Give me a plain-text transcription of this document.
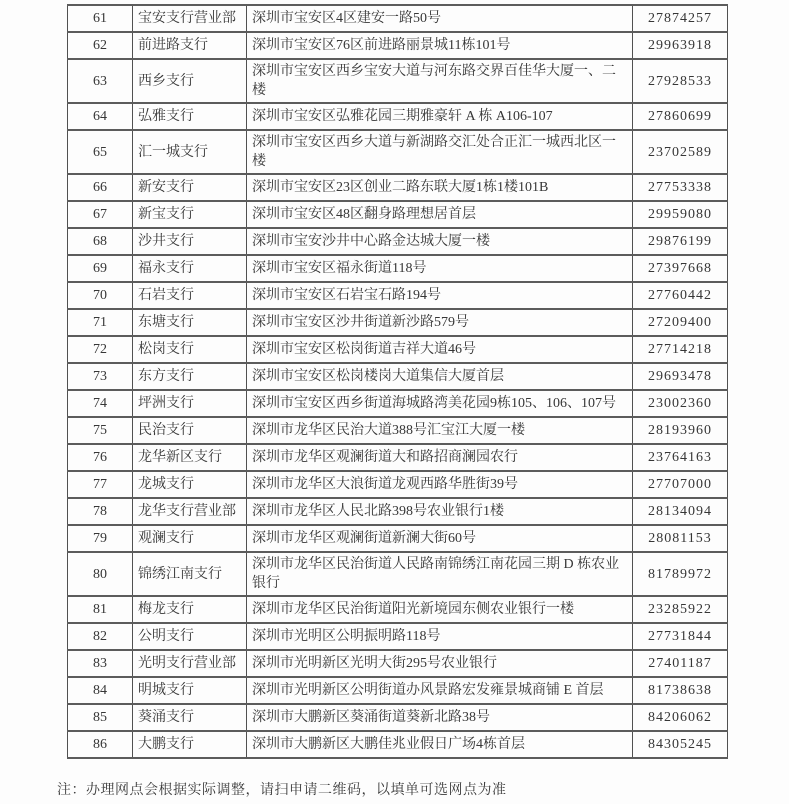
61	宝安支行营业部	深圳市宝安区4区建安一路50号	27874257
62	前进路支行	深圳市宝安区76区前进路丽景城11栋101号	29963918
63	西乡支行	深圳市宝安区西乡宝安大道与河东路交界百佳华大厦一、二楼	27928533
64	弘雅支行	深圳市宝安区弘雅花园三期雅豪轩 A 栋 A106-107	27860699
65	汇一城支行	深圳市宝安区西乡大道与新湖路交汇处合正汇一城西北区一楼	23702589
66	新安支行	深圳市宝安区23区创业二路东联大厦1栋1楼101B	27753338
67	新宝支行	深圳市宝安区48区翻身路理想居首层	29959080
68	沙井支行	深圳市宝安沙井中心路金达城大厦一楼	29876199
69	福永支行	深圳市宝安区福永街道118号	27397668
70	石岩支行	深圳市宝安区石岩宝石路194号	27760442
71	东塘支行	深圳市宝安区沙井街道新沙路579号	27209400
72	松岗支行	深圳市宝安区松岗街道吉祥大道46号	27714218
73	东方支行	深圳市宝安区松岗楼岗大道集信大厦首层	29693478
74	坪洲支行	深圳市宝安区西乡街道海城路湾美花园9栋105、106、107号	23002360
75	民治支行	深圳市龙华区民治大道388号汇宝江大厦一楼	28193960
76	龙华新区支行	深圳市龙华区观澜街道大和路招商澜园农行	23764163
77	龙城支行	深圳市龙华区大浪街道龙观西路华胜街39号	27707000
78	龙华支行营业部	深圳市龙华区人民北路398号农业银行1楼	28134094
79	观澜支行	深圳市龙华区观澜街道新澜大街60号	28081153
80	锦绣江南支行	深圳市龙华区民治街道人民路南锦绣江南花园三期 D 栋农业银行	81789972
81	梅龙支行	深圳市龙华区民治街道阳光新境园东侧农业银行一楼	23285922
82	公明支行	深圳市光明区公明振明路118号	27731844
83	光明支行营业部	深圳市光明新区光明大街295号农业银行	27401187
84	明城支行	深圳市光明新区公明街道办风景路宏发雍景城商铺 E 首层	81738638
85	葵涌支行	深圳市大鹏新区葵涌街道葵新北路38号	84206062
86	大鹏支行	深圳市大鹏新区大鹏佳兆业假日广场4栋首层	84305245
注：办理网点会根据实际调整，请扫申请二维码，以填单可选网点为准
